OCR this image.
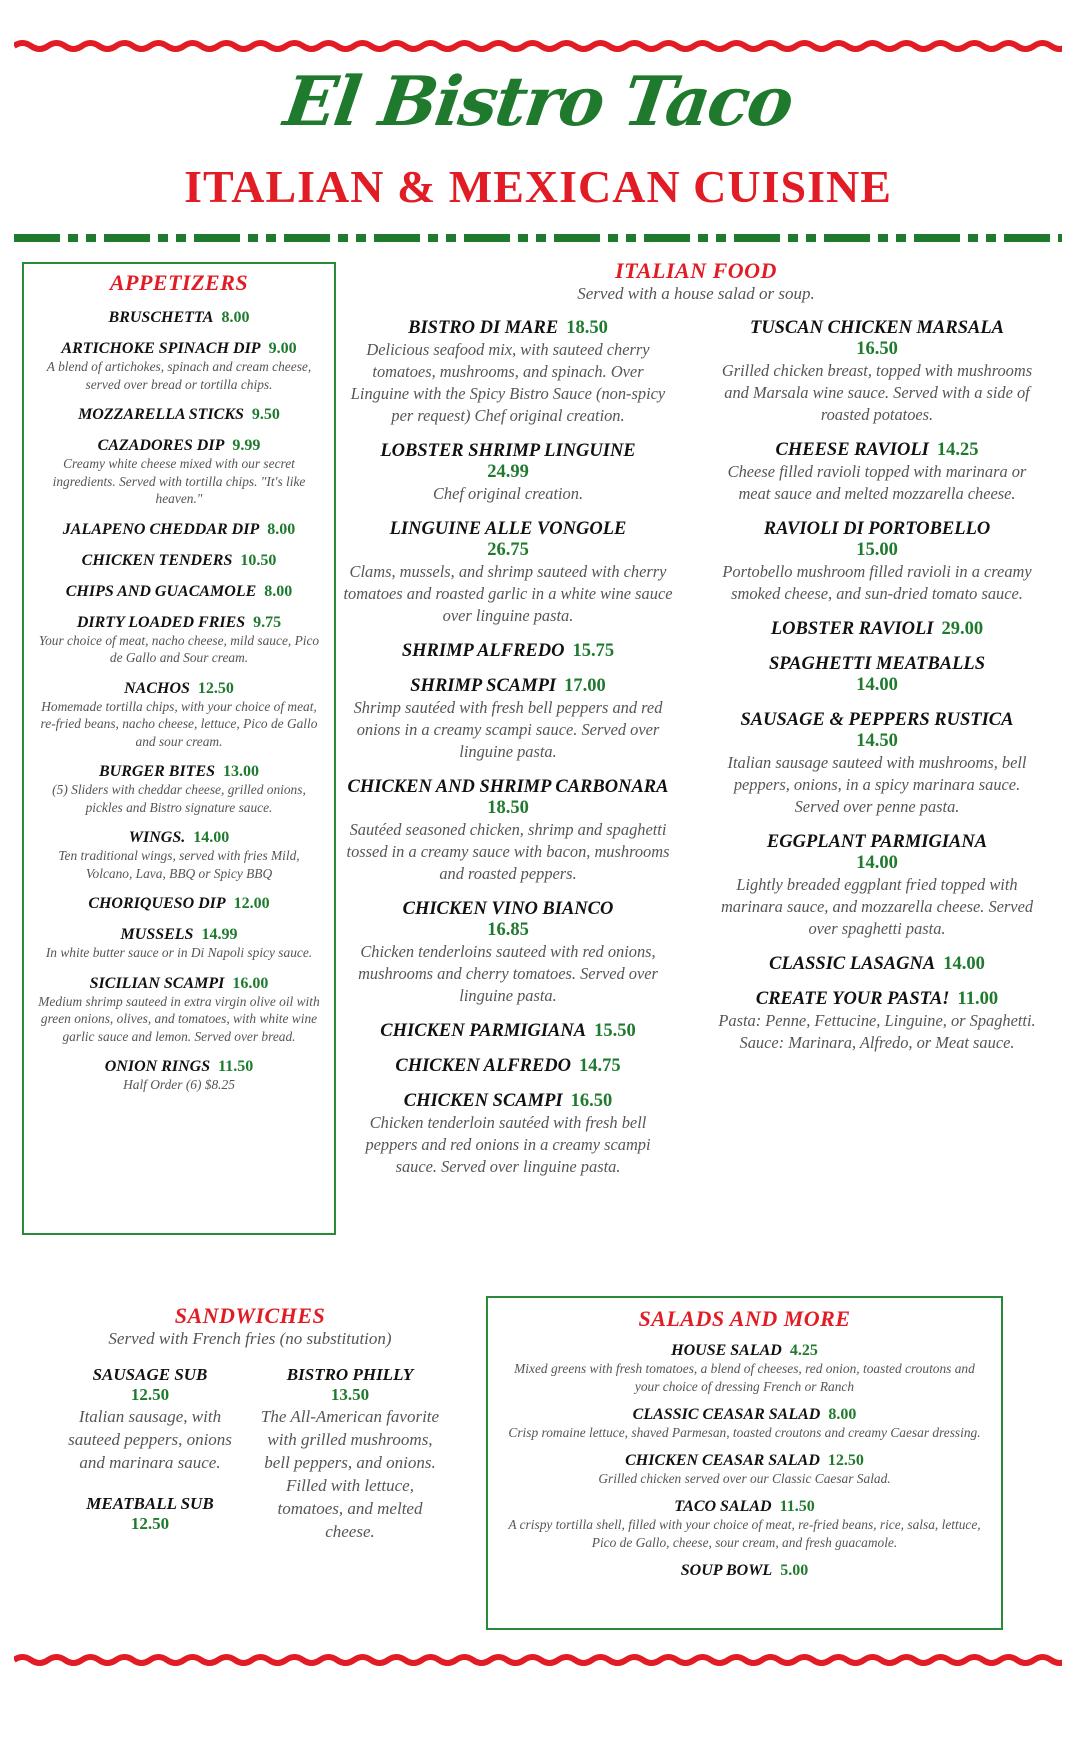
El Bistro Taco
ITALIAN & MEXICAN CUISINE
APPETIZERS
BRUSCHETTA 8.00
ARTICHOKE SPINACH DIP 9.00
A blend of artichokes, spinach and cream cheese, served over bread or tortilla chips.
MOZZARELLA STICKS 9.50
CAZADORES DIP 9.99
Creamy white cheese mixed with our secret ingredients. Served with tortilla chips. "It's like heaven."
JALAPENO CHEDDAR DIP 8.00
CHICKEN TENDERS 10.50
CHIPS AND GUACAMOLE 8.00
DIRTY LOADED FRIES 9.75
Your choice of meat, nacho cheese, mild sauce, Pico de Gallo and Sour cream.
NACHOS 12.50
Homemade tortilla chips, with your choice of meat, re-fried beans, nacho cheese, lettuce, Pico de Gallo and sour cream.
BURGER BITES 13.00
(5) Sliders with cheddar cheese, grilled onions, pickles and Bistro signature sauce.
WINGS. 14.00
Ten traditional wings, served with fries Mild, Volcano, Lava, BBQ or Spicy BBQ
CHORIQUESO DIP 12.00
MUSSELS 14.99
In white butter sauce or in Di Napoli spicy sauce.
SICILIAN SCAMPI 16.00
Medium shrimp sauteed in extra virgin olive oil with green onions, olives, and tomatoes, with white wine garlic sauce and lemon. Served over bread.
ONION RINGS 11.50
Half Order (6) $8.25
ITALIAN FOOD
Served with a house salad or soup.
BISTRO DI MARE 18.50
Delicious seafood mix, with sauteed cherry tomatoes, mushrooms, and spinach. Over Linguine with the Spicy Bistro Sauce (non-spicy per request) Chef original creation.
LOBSTER SHRIMP LINGUINE
24.99
Chef original creation.
LINGUINE ALLE VONGOLE
26.75
Clams, mussels, and shrimp sauteed with cherry tomatoes and roasted garlic in a white wine sauce over linguine pasta.
SHRIMP ALFREDO 15.75
SHRIMP SCAMPI 17.00
Shrimp sautéed with fresh bell peppers and red onions in a creamy scampi sauce. Served over linguine pasta.
CHICKEN AND SHRIMP CARBONARA
18.50
Sautéed seasoned chicken, shrimp and spaghetti tossed in a creamy sauce with bacon, mushrooms and roasted peppers.
CHICKEN VINO BIANCO
16.85
Chicken tenderloins sauteed with red onions, mushrooms and cherry tomatoes. Served over linguine pasta.
CHICKEN PARMIGIANA 15.50
CHICKEN ALFREDO 14.75
CHICKEN SCAMPI 16.50
Chicken tenderloin sautéed with fresh bell peppers and red onions in a creamy scampi sauce. Served over linguine pasta.
TUSCAN CHICKEN MARSALA
16.50
Grilled chicken breast, topped with mushrooms and Marsala wine sauce. Served with a side of roasted potatoes.
CHEESE RAVIOLI 14.25
Cheese filled ravioli topped with marinara or meat sauce and melted mozzarella cheese.
RAVIOLI DI PORTOBELLO
15.00
Portobello mushroom filled ravioli in a creamy smoked cheese, and sun-dried tomato sauce.
LOBSTER RAVIOLI 29.00
SPAGHETTI MEATBALLS
14.00
SAUSAGE & PEPPERS RUSTICA
14.50
Italian sausage sauteed with mushrooms, bell peppers, onions, in a spicy marinara sauce. Served over penne pasta.
EGGPLANT PARMIGIANA
14.00
Lightly breaded eggplant fried topped with marinara sauce, and mozzarella cheese. Served over spaghetti pasta.
CLASSIC LASAGNA 14.00
CREATE YOUR PASTA! 11.00
Pasta: Penne, Fettucine, Linguine, or Spaghetti. Sauce: Marinara, Alfredo, or Meat sauce.
SANDWICHES
Served with French fries (no substitution)
SAUSAGE SUB
12.50
Italian sausage, with sauteed peppers, onions and marinara sauce.
MEATBALL SUB
12.50
BISTRO PHILLY
13.50
The All-American favorite with grilled mushrooms, bell peppers, and onions. Filled with lettuce, tomatoes, and melted cheese.
SALADS AND MORE
HOUSE SALAD 4.25
Mixed greens with fresh tomatoes, a blend of cheeses, red onion, toasted croutons and your choice of dressing French or Ranch
CLASSIC CEASAR SALAD 8.00
Crisp romaine lettuce, shaved Parmesan, toasted croutons and creamy Caesar dressing.
CHICKEN CEASAR SALAD 12.50
Grilled chicken served over our Classic Caesar Salad.
TACO SALAD 11.50
A crispy tortilla shell, filled with your choice of meat, re-fried beans, rice, salsa, lettuce, Pico de Gallo, cheese, sour cream, and fresh guacamole.
SOUP BOWL 5.00
